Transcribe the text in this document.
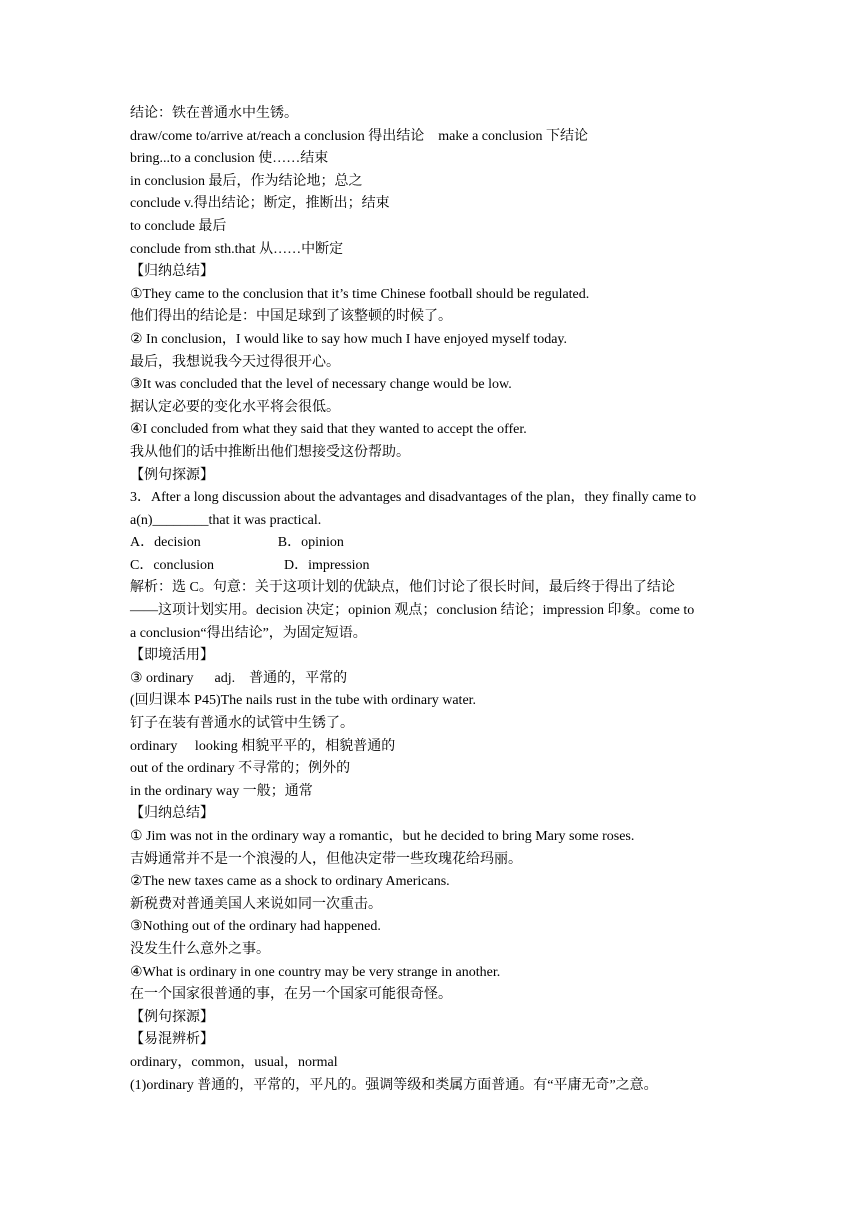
结论：铁在普通水中生锈。
draw/come to/arrive at/reach a conclusion 得出结论    make a conclusion 下结论
bring...to a conclusion 使……结束
in conclusion 最后，作为结论地；总之
conclude v.得出结论；断定，推断出；结束
to conclude 最后
conclude from sth.that 从……中断定
【归纳总结】
①They came to the conclusion that it’s time Chinese football should be regulated.
他们得出的结论是：中国足球到了该整顿的时候了。
② In conclusion，I would like to say how much I have enjoyed myself today.
最后，我想说我今天过得很开心。
③It was concluded that the level of necessary change would be low.
据认定必要的变化水平将会很低。
④I concluded from what they said that they wanted to accept the offer.
我从他们的话中推断出他们想接受这份帮助。
【例句探源】
3．After a long discussion about the advantages and disadvantages of the plan，they finally came to
a(n)________that it was practical.
A．decision                      B．opinion
C．conclusion                    D．impression
解析：选 C。句意：关于这项计划的优缺点，他们讨论了很长时间，最后终于得出了结论
——这项计划实用。decision 决定；opinion 观点；conclusion 结论；impression 印象。come to
a conclusion“得出结论”，为固定短语。
【即境活用】
③ ordinary      adj.    普通的，平常的
(回归课本 P45)The nails rust in the tube with ordinary water.
钉子在装有普通水的试管中生锈了。
ordinary     looking 相貌平平的，相貌普通的
out of the ordinary 不寻常的；例外的
in the ordinary way 一般；通常
【归纳总结】
① Jim was not in the ordinary way a romantic，but he decided to bring Mary some roses.
吉姆通常并不是一个浪漫的人，但他决定带一些玫瑰花给玛丽。
②The new taxes came as a shock to ordinary Americans.
新税费对普通美国人来说如同一次重击。
③Nothing out of the ordinary had happened.
没发生什么意外之事。
④What is ordinary in one country may be very strange in another.
在一个国家很普通的事，在另一个国家可能很奇怪。
【例句探源】
【易混辨析】
ordinary，common，usual，normal
(1)ordinary 普通的，平常的，平凡的。强调等级和类属方面普通。有“平庸无奇”之意。
